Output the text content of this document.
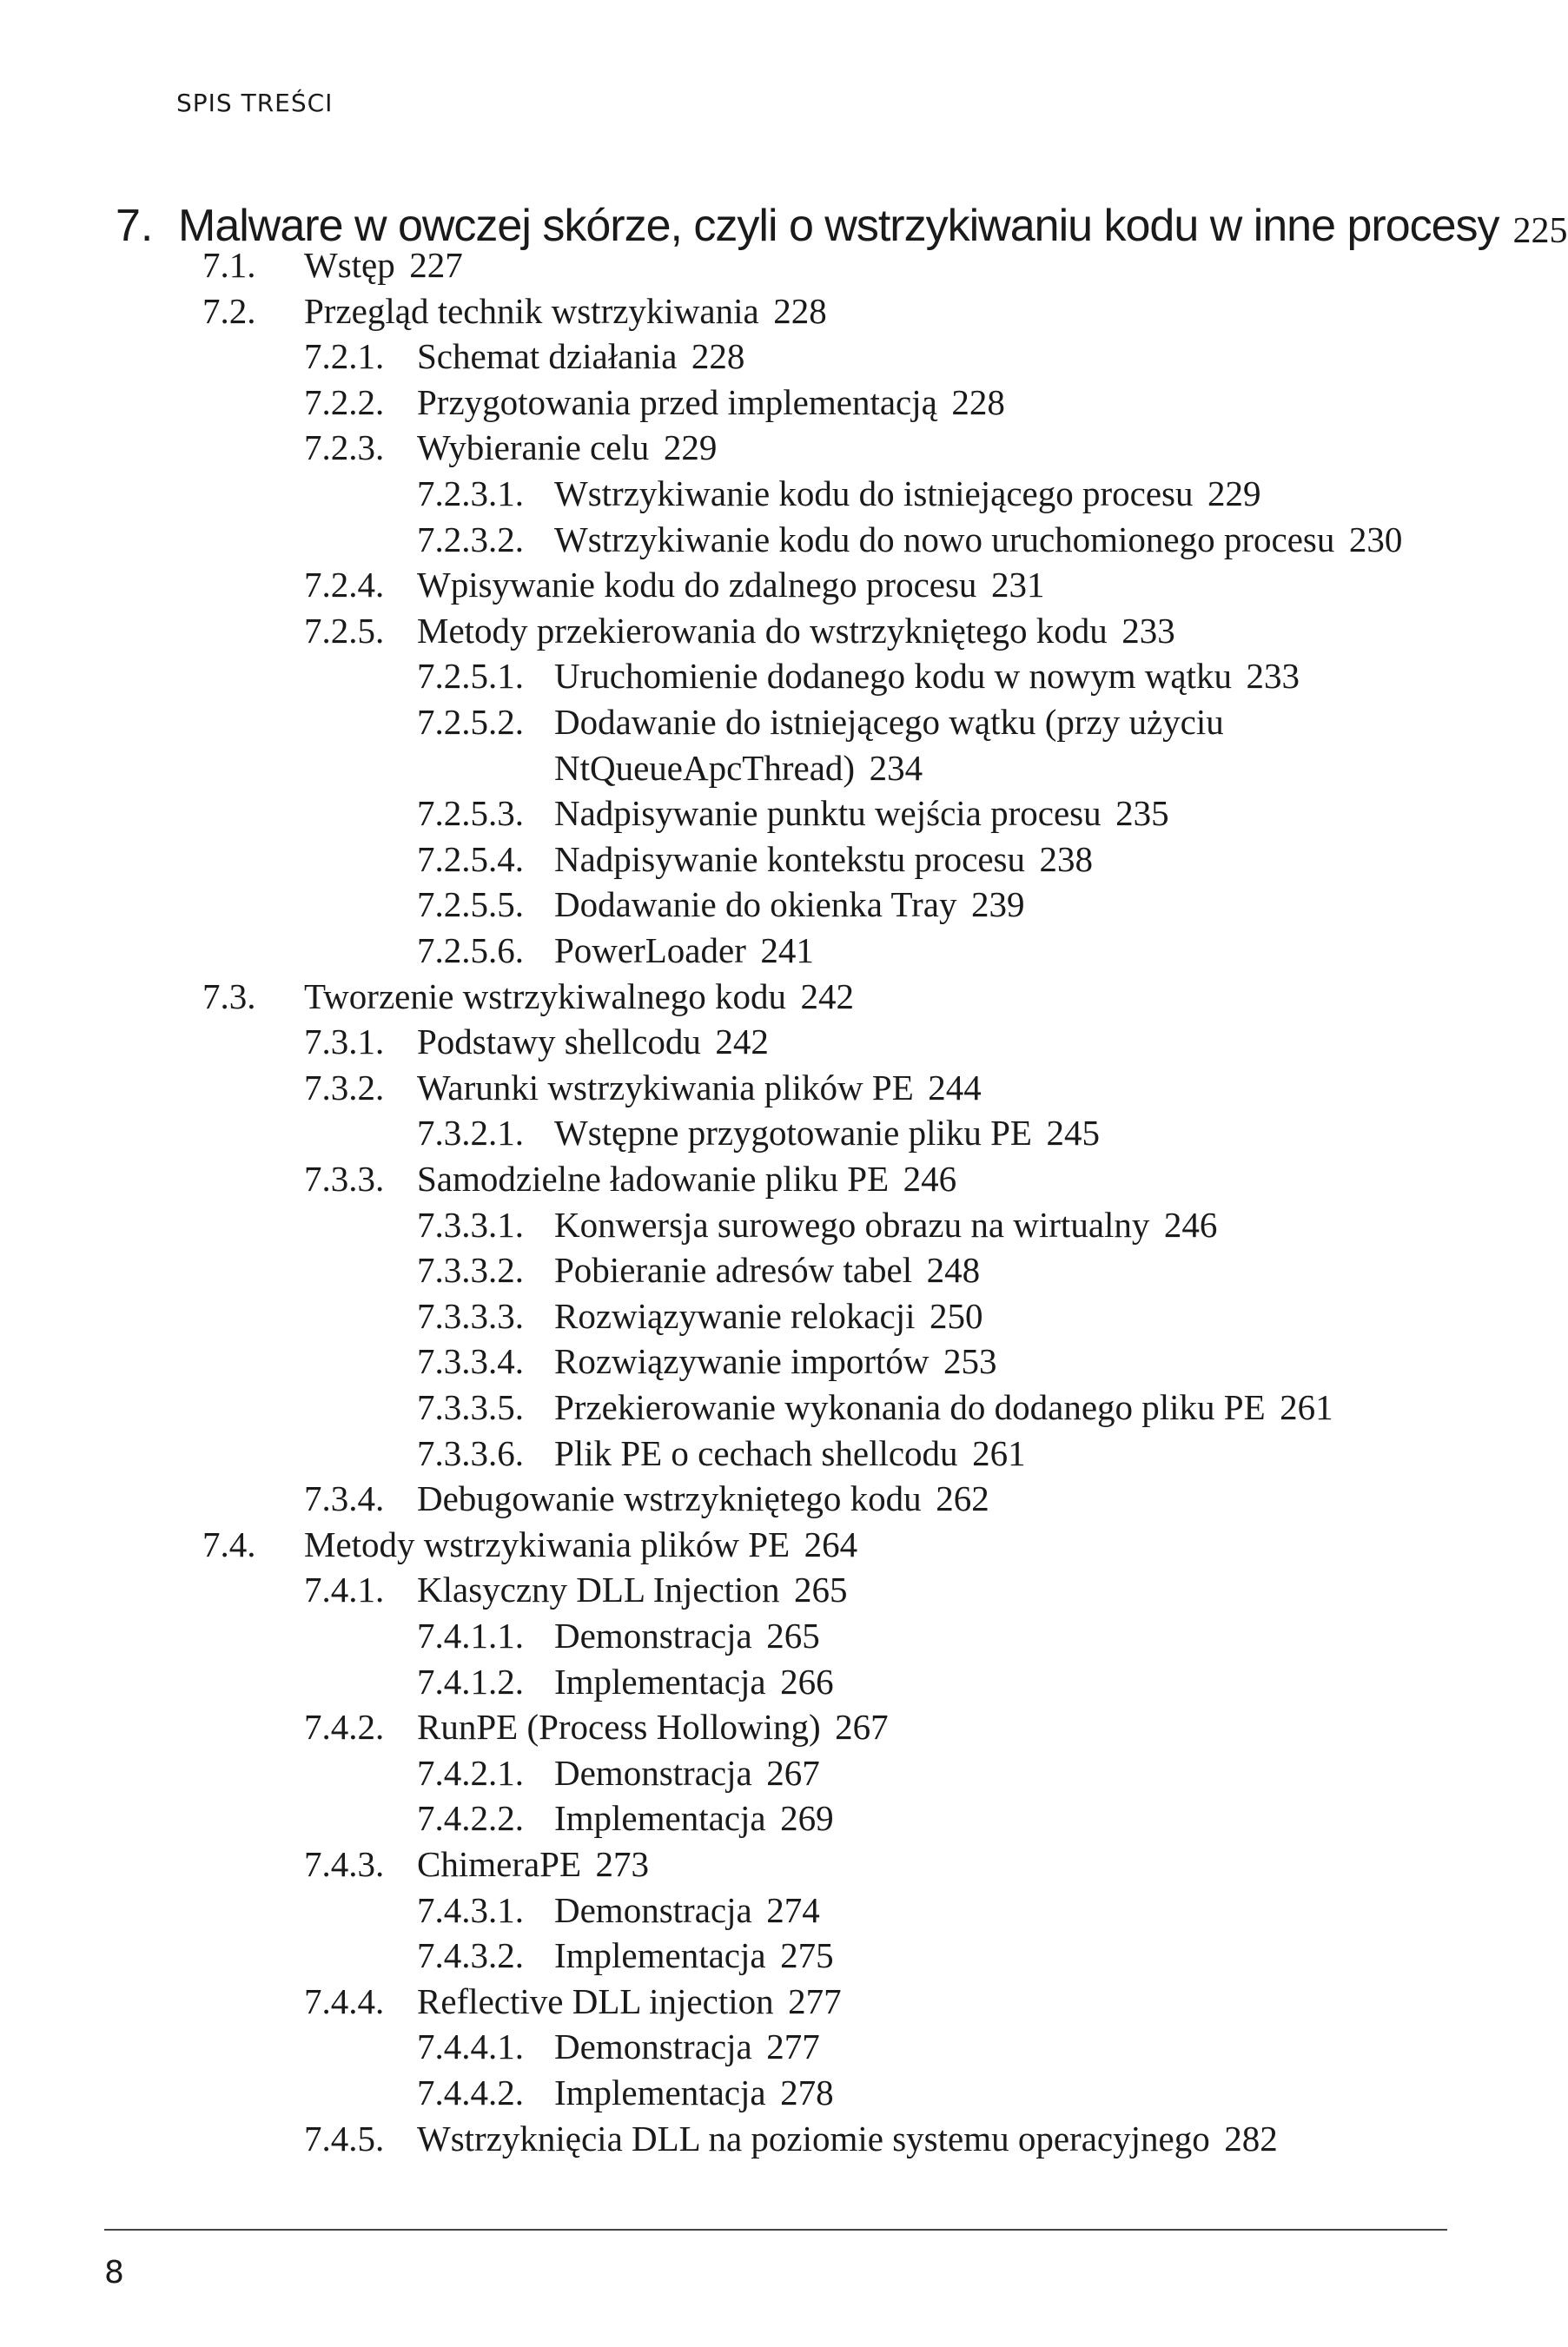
SPIS TREŚCI
7. Malware w owczej skórze, czyli o wstrzykiwaniu kodu w inne procesy 225
7.1.	Wstęp 227
7.2.	Przegląd technik wstrzykiwania 228
7.2.1. Schemat działania 228
7.2.2. Przygotowania przed implementacją 228
7.2.3. Wybieranie celu 229
7.2.3.1. Wstrzykiwanie kodu do istniejącego procesu 229
7.2.3.2. Wstrzykiwanie kodu do nowo uruchomionego procesu 230
7.2.4. Wpisywanie kodu do zdalnego procesu 231
7.2.5. Metody przekierowania do wstrzykniętego kodu 233
7.2.5.1. Uruchomienie dodanego kodu w nowym wątku 233
7.2.5.2. Dodawanie do istniejącego wątku (przy użyciu
NtQueueApcThread) 234
7.2.5.3. Nadpisywanie punktu wejścia procesu 235
7.2.5.4. Nadpisywanie kontekstu procesu 238
7.2.5.5. Dodawanie do okienka Tray 239
7.2.5.6. PowerLoader 241
7.3.	Tworzenie wstrzykiwalnego kodu 242
7.3.1. Podstawy shellcodu 242
7.3.2. Warunki wstrzykiwania plików PE 244
7.3.2.1. Wstępne przygotowanie pliku PE 245
7.3.3. Samodzielne ładowanie pliku PE 246
7.3.3.1. Konwersja surowego obrazu na wirtualny 246
7.3.3.2. Pobieranie adresów tabel 248
7.3.3.3. Rozwiązywanie relokacji 250
7.3.3.4. Rozwiązywanie importów 253
7.3.3.5. Przekierowanie wykonania do dodanego pliku PE 261
7.3.3.6. Plik PE o cechach shellcodu 261
7.3.4. Debugowanie wstrzykniętego kodu 262
7.4.	Metody wstrzykiwania plików PE 264
7.4.1. Klasyczny DLL Injection 265
7.4.1.1. Demonstracja 265
7.4.1.2. Implementacja 266
7.4.2. RunPE (Process Hollowing) 267
7.4.2.1. Demonstracja 267
7.4.2.2. Implementacja 269
7.4.3. ChimeraPE 273
7.4.3.1. Demonstracja 274
7.4.3.2. Implementacja 275
7.4.4. Reflective DLL injection 277
7.4.4.1. Demonstracja 277
7.4.4.2. Implementacja 278
7.4.5. Wstrzyknięcia DLL na poziomie systemu operacyjnego 282
8
